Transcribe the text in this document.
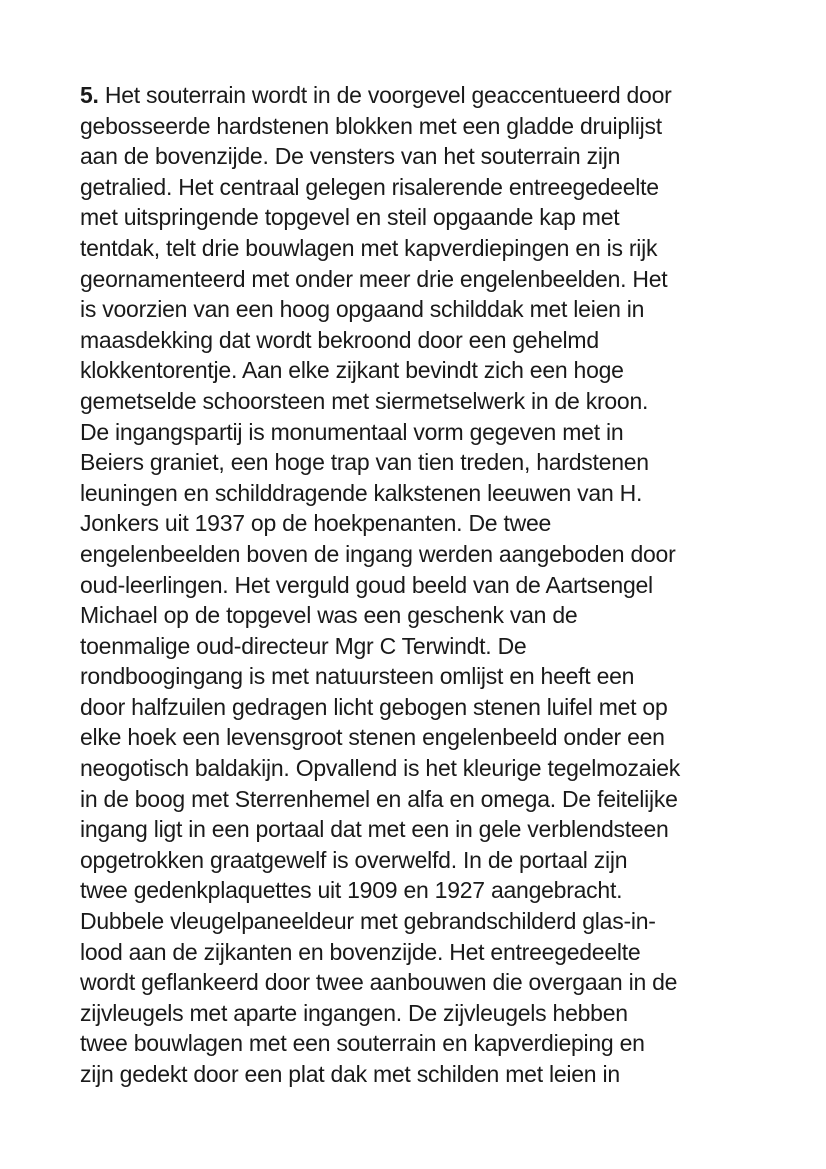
5. Het souterrain wordt in de voorgevel geaccentueerd door
gebosseerde hardstenen blokken met een gladde druiplijst
aan de bovenzijde. De vensters van het souterrain zijn
getralied. Het centraal gelegen risalerende entreegedeelte
met uitspringende topgevel en steil opgaande kap met
tentdak, telt drie bouwlagen met kapverdiepingen en is rijk
geornamenteerd met onder meer drie engelenbeelden. Het
is voorzien van een hoog opgaand schilddak met leien in
maasdekking dat wordt bekroond door een gehelmd
klokkentorentje. Aan elke zijkant bevindt zich een hoge
gemetselde schoorsteen met siermetselwerk in de kroon.
De ingangspartij is monumentaal vorm gegeven met in
Beiers graniet, een hoge trap van tien treden, hardstenen
leuningen en schilddragende kalkstenen leeuwen van H.
Jonkers uit 1937 op de hoekpenanten. De twee
engelenbeelden boven de ingang werden aangeboden door
oud-leerlingen. Het verguld goud beeld van de Aartsengel
Michael op de topgevel was een geschenk van de
toenmalige oud-directeur Mgr C Terwindt. De
rondboogingang is met natuursteen omlijst en heeft een
door halfzuilen gedragen licht gebogen stenen luifel met op
elke hoek een levensgroot stenen engelenbeeld onder een
neogotisch baldakijn. Opvallend is het kleurige tegelmozaiek
in de boog met Sterrenhemel en alfa en omega. De feitelijke
ingang ligt in een portaal dat met een in gele verblendsteen
opgetrokken graatgewelf is overwelfd. In de portaal zijn
twee gedenkplaquettes uit 1909 en 1927 aangebracht.
Dubbele vleugelpaneeldeur met gebrandschilderd glas-in-
lood aan de zijkanten en bovenzijde. Het entreegedeelte
wordt geflankeerd door twee aanbouwen die overgaan in de
zijvleugels met aparte ingangen. De zijvleugels hebben
twee bouwlagen met een souterrain en kapverdieping en
zijn gedekt door een plat dak met schilden met leien in
